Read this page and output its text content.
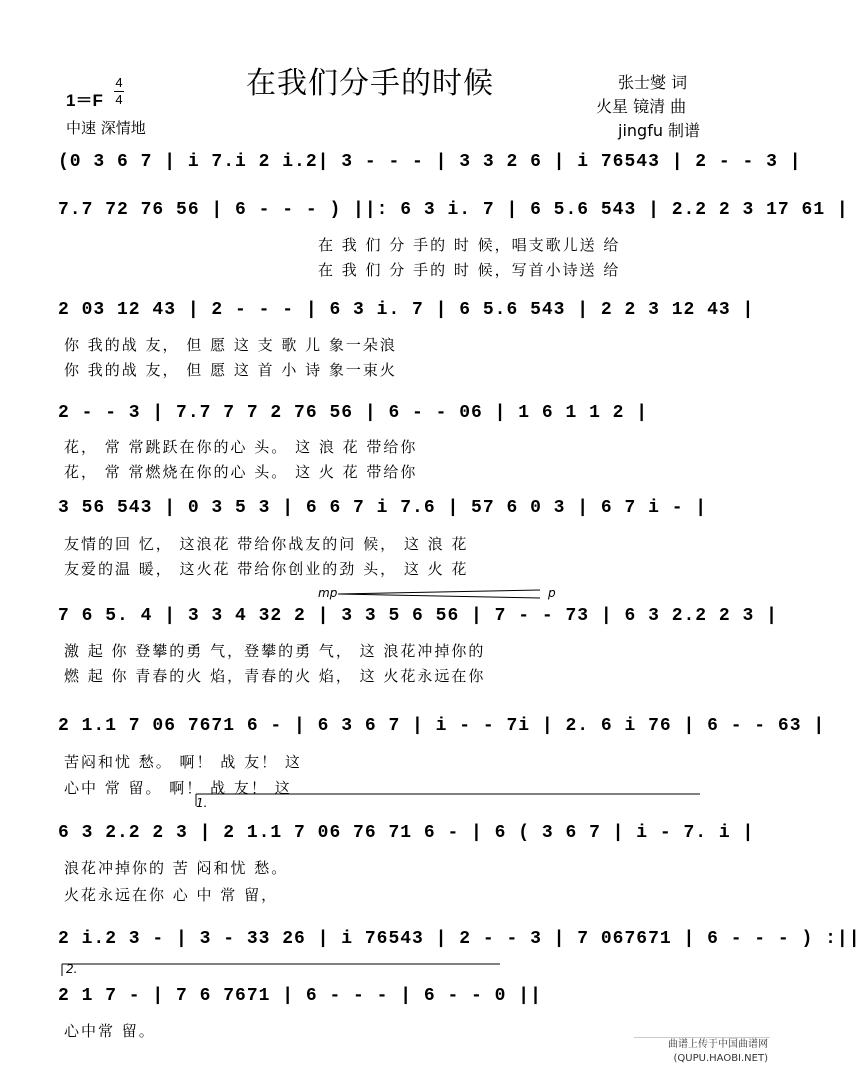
在我们分手的时候
1＝F
4
4
中速 深情地
张士燮 词
火星 镜清 曲
jingfu 制谱
(0 3 6 7 | i 7.i 2 i.2| 3 - - - | 3 3 2 6 | i 76543 | 2 - - 3 |
7.7 72 76 56 | 6 - - - ) ||: 6 3 i. 7 | 6 5.6 543 | 2.2 2 3 17 61 |
在 我 们 分 手的 时 候，唱支歌儿送 给
在 我 们 分 手的 时 候，写首小诗送 给
2 03 12 43 | 2 - - - | 6 3 i. 7 | 6 5.6 543 | 2 2 3 12 43 |
你 我的战 友， 但 愿 这 支 歌 儿 象一朵浪
你 我的战 友， 但 愿 这 首 小 诗 象一束火
2 - - 3 | 7.7 7 7 2 76 56 | 6 - - 06 | 1 6 1 1 2 |
花， 常 常跳跃在你的心 头。 这 浪 花 带给你
花， 常 常燃烧在你的心 头。 这 火 花 带给你
3 56 543 | 0 3 5 3 | 6 6 7 i 7.6 | 57 6 0 3 | 6 7 i - |
友情的回 忆， 这浪花 带给你战友的问 候， 这 浪 花
友爱的温 暖， 这火花 带给你创业的劲 头， 这 火 花
mp	p
7 6 5. 4 | 3 3 4 32 2 | 3 3 5 6 56 | 7 - - 73 | 6 3 2.2 2 3 |
激 起 你 登攀的勇 气，登攀的勇 气， 这 浪花冲掉你的
燃 起 你 青春的火 焰，青春的火 焰， 这 火花永远在你
2 1.1 7 06 7671 6 - | 6 3 6 7 | i - - 7i | 2. 6 i 76 | 6 - - 63 |
苦闷和忧 愁。 啊！ 战 友！ 这
心中 常 留。 啊！ 战 友！ 这
1.
6 3 2.2 2 3 | 2 1.1 7 06 76 71 6 - | 6 ( 3 6 7 | i - 7. i |
浪花冲掉你的 苦 闷和忧 愁。
火花永远在你 心 中 常 留，
2 i.2 3 - | 3 - 33 26 | i 76543 | 2 - - 3 | 7 067671 | 6 - - - ) :||
2.
2 1 7 - | 7 6 7671 | 6 - - - | 6 - - 0 ||
心中常 留。
曲谱上传于中国曲谱网
(QUPU.HAOBI.NET)
